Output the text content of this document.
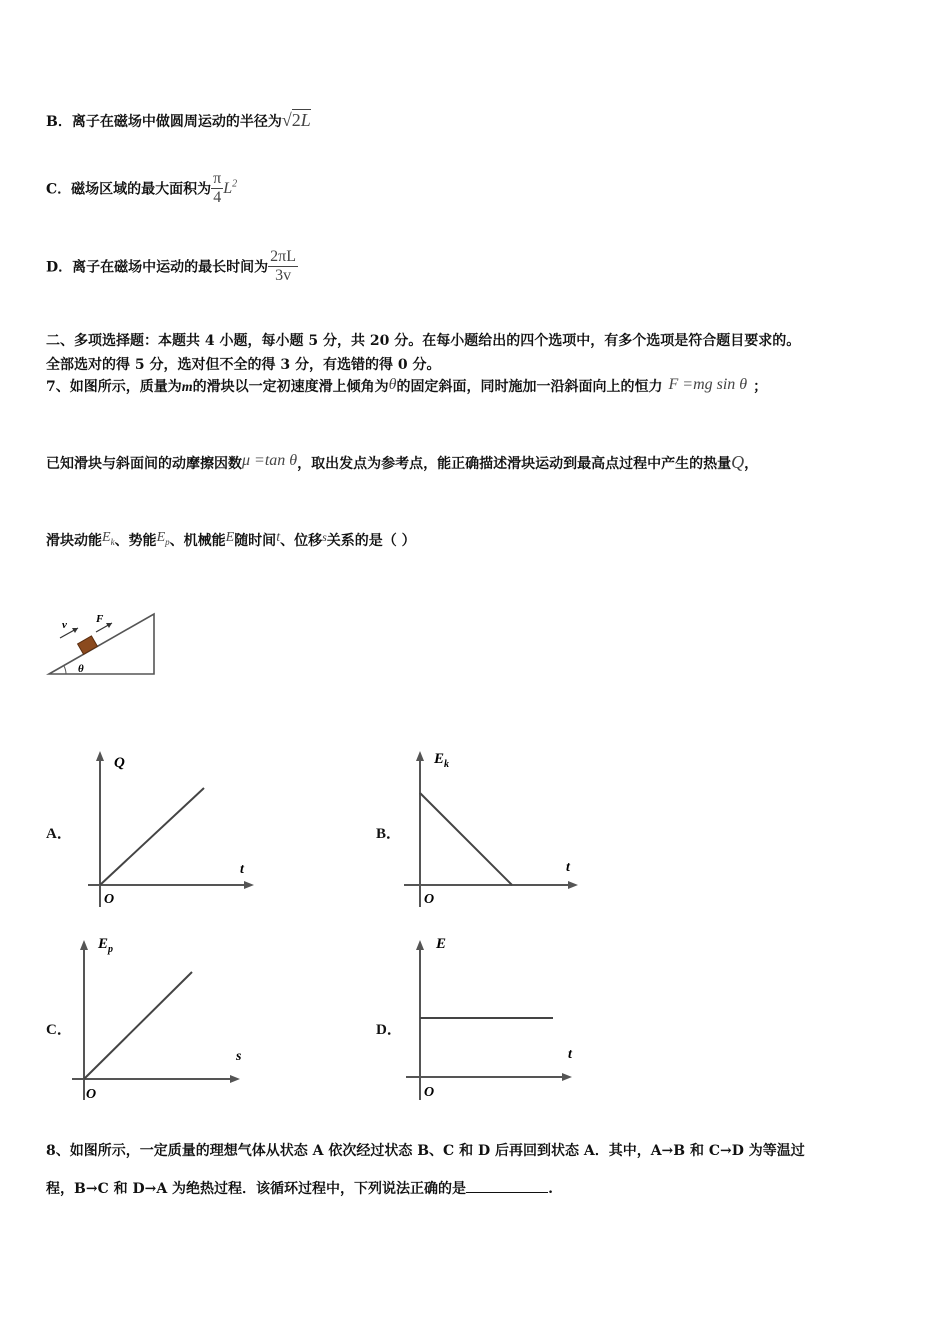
B．离子在磁场中做圆周运动的半径为√2L
C．磁场区域的最大面积为 $\frac{\pi}{4} L^2$
D．离子在磁场中运动的最长时间为 $\frac{2\pi L}{3v}$
二、多项选择题：本题共 4 小题，每小题 5 分，共 20 分。在每小题给出的四个选项中，有多个选项是符合题目要求的。
全部选对的得 5 分，选对但不全的得 3 分，有选错的得 0 分。
7、如图所示，质量为m的滑块以一定初速度滑上倾角为θ的固定斜面，同时施加一沿斜面向上的恒力 F =mg sin θ ；
已知滑块与斜面间的动摩擦因数μ =tan θ，取出发点为参考点，能正确描述滑块运动到最高点过程中产生的热量Q，
滑块动能$E_k$、势能$E_p$、机械能E随时间t、位移s关系的是（ ）
v	F
θ
A．
Q
t
O
B．
$E_k$
t
O
C．
$E_p$
s
O
D．
E
t
O
8、如图所示，一定质量的理想气体从状态 A 依次经过状态 B、C 和 D 后再回到状态 A．其中，A→B 和 C→D 为等温过
程，B→C 和 D→A 为绝热过程．该循环过程中，下列说法正确的是	.
